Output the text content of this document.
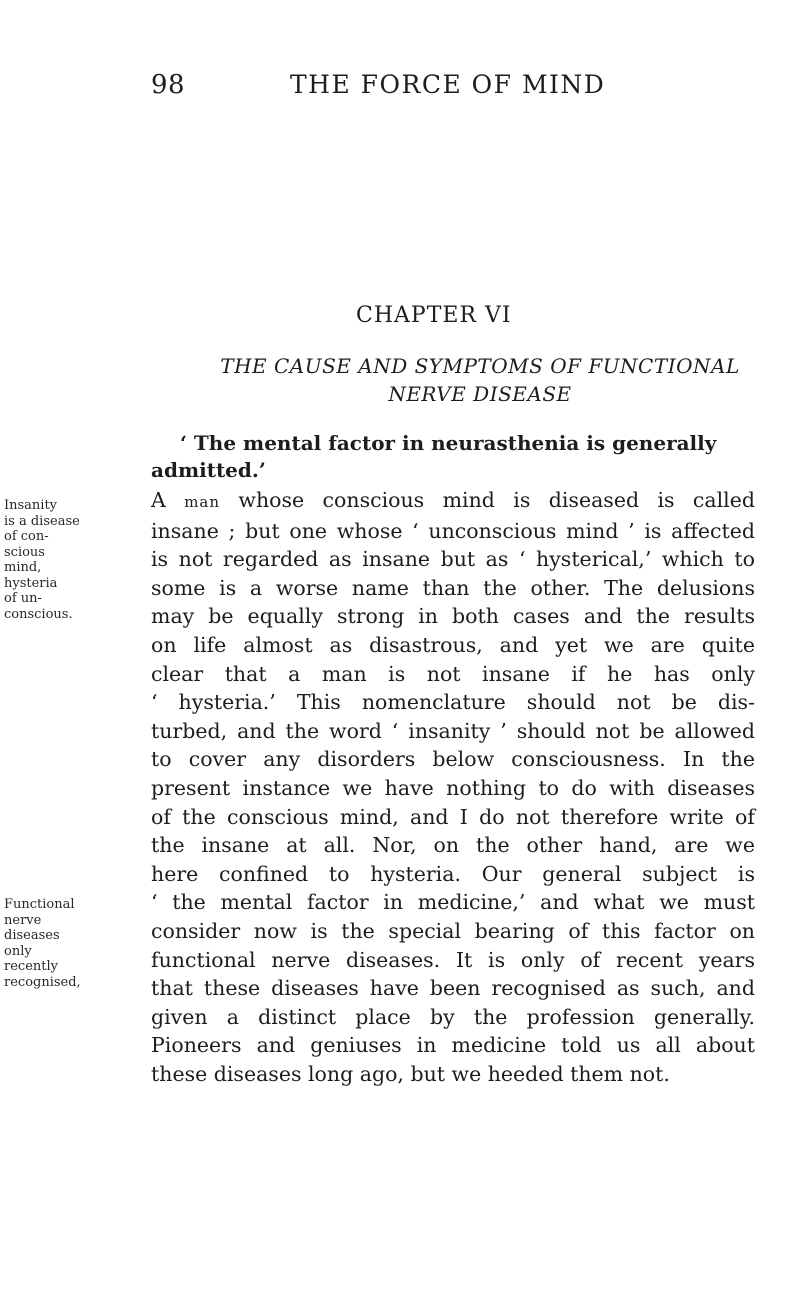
98	THE FORCE OF MIND
CHAPTER VI
THE CAUSE AND SYMPTOMS OF FUNCTIONAL
NERVE DISEASE
‘ The mental factor in neurasthenia is generally admitted.’
Insanity
is a disease
of con-
scious
mind,
hysteria
of un-
conscious.
Functional
nerve
diseases
only
recently
recognised,
A man whose conscious mind is diseased is called
insane ; but one whose ‘ unconscious mind ’ is affected
is not regarded as insane but as ‘ hysterical,’ which to
some is a worse name than the other. The delusions
may be equally strong in both cases and the results
on life almost as disastrous, and yet we are quite
clear that a man is not insane if he has only
‘ hysteria.’ This nomenclature should not be dis-
turbed, and the word ‘ insanity ’ should not be allowed
to cover any disorders below consciousness. In the
present instance we have nothing to do with diseases
of the conscious mind, and I do not therefore write of
the insane at all. Nor, on the other hand, are we
here confined to hysteria. Our general subject is
‘ the mental factor in medicine,’ and what we must
consider now is the special bearing of this factor on
functional nerve diseases. It is only of recent years
that these diseases have been recognised as such, and
given a distinct place by the profession generally.
Pioneers and geniuses in medicine told us all about
these diseases long ago, but we heeded them not.
